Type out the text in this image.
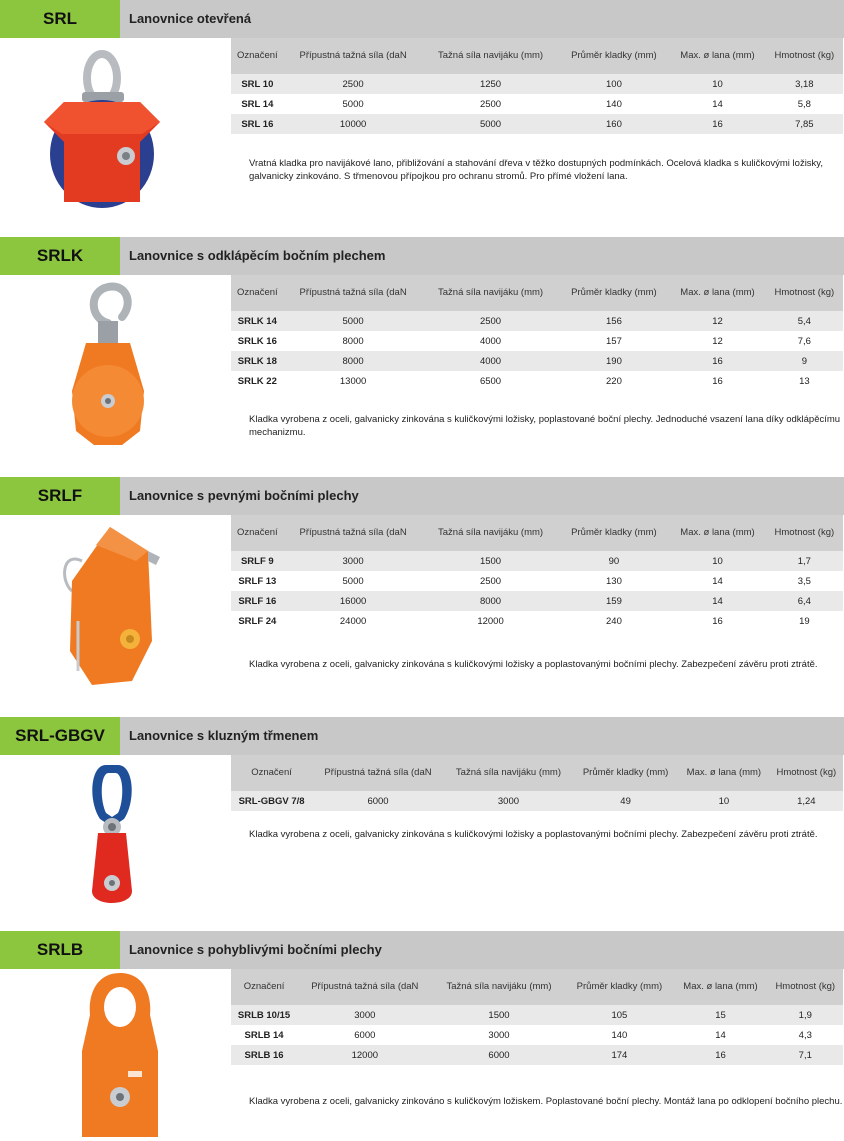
SRL	Lanovnice otevřená
Označení	Přípustná tažná síla (daN	Tažná síla navijáku (mm)	Průměr kladky (mm)	Max. ø lana (mm)	Hmotnost (kg)
SRL 10	2500	1250	100	10	3,18
SRL 14	5000	2500	140	14	5,8
SRL 16	10000	5000	160	16	7,85
Vratná kladka pro navijákové lano, přibližování a stahování dřeva v těžko dostupných podmínkách. Ocelová kladka s kuličkovými ložisky, galvanicky zinkováno. S třmenovou přípojkou pro ochranu stromů. Pro přímé vložení lana.
SRLK	Lanovnice s odklápěcím bočním plechem
Označení	Přípustná tažná síla (daN	Tažná síla navijáku (mm)	Průměr kladky (mm)	Max. ø lana (mm)	Hmotnost (kg)
SRLK 14	5000	2500	156	12	5,4
SRLK 16	8000	4000	157	12	7,6
SRLK 18	8000	4000	190	16	9
SRLK 22	13000	6500	220	16	13
Kladka vyrobena z oceli, galvanicky zinkována s kuličkovými ložisky, poplastované boční plechy. Jednoduché vsazení lana díky odklápěcímu mechanizmu.
SRLF	Lanovnice s pevnými bočními plechy
Označení	Přípustná tažná síla (daN	Tažná síla navijáku (mm)	Průměr kladky (mm)	Max. ø lana (mm)	Hmotnost (kg)
SRLF 9	3000	1500	90	10	1,7
SRLF 13	5000	2500	130	14	3,5
SRLF 16	16000	8000	159	14	6,4
SRLF 24	24000	12000	240	16	19
Kladka vyrobena z oceli, galvanicky zinkována s kuličkovými ložisky a poplastovanými bočními plechy. Zabezpečení závěru proti ztrátě.
SRL-GBGV	Lanovnice s kluzným třmenem
Označení	Přípustná tažná síla (daN	Tažná síla navijáku (mm)	Průměr kladky (mm)	Max. ø lana (mm)	Hmotnost (kg)
SRL-GBGV 7/8	6000	3000	49	10	1,24
Kladka vyrobena z oceli, galvanicky zinkována s kuličkovými ložisky a poplastovanými bočními plechy. Zabezpečení závěru proti ztrátě.
SRLB	Lanovnice s pohyblivými bočními plechy
Označení	Přípustná tažná síla (daN	Tažná síla navijáku (mm)	Průměr kladky (mm)	Max. ø lana (mm)	Hmotnost (kg)
SRLB 10/15	3000	1500	105	15	1,9
SRLB 14	6000	3000	140	14	4,3
SRLB 16	12000	6000	174	16	7,1
Kladka vyrobena z oceli, galvanicky zinkováno s kuličkovým ložiskem. Poplastované boční plechy. Montáž lana po odklopení bočního plechu.
